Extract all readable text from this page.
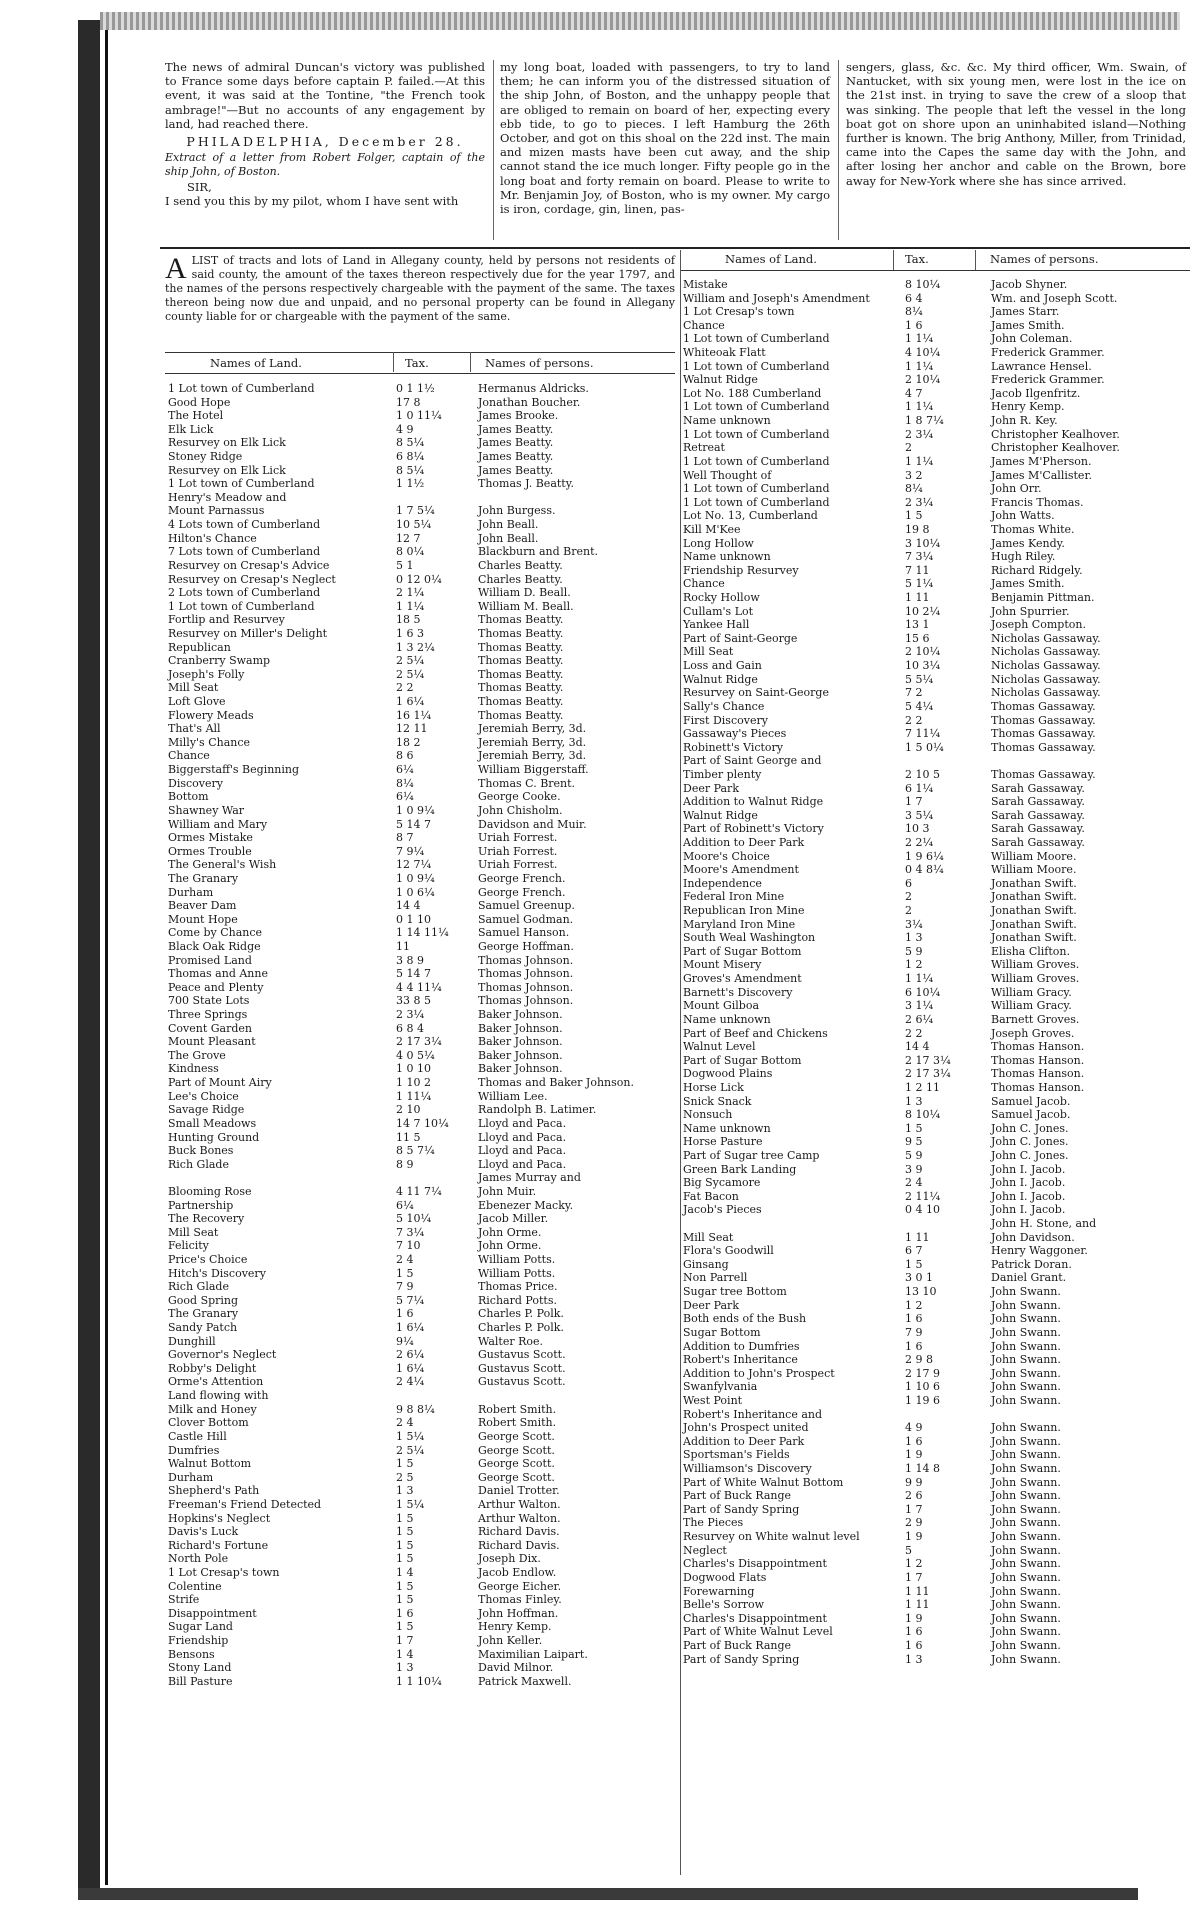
The news of admiral Duncan's victory was published to France some days before captain P. failed.—At this event, it was said at the Tontine, "the French took ambrage!"—But no accounts of any engagement by land, had reached there.

PHILADELPHIA, December 28.

Extract of a letter from Robert Folger, captain of the ship John, of Boston.

SIR,

I send you this by my pilot, whom I have sent with

my long boat, loaded with passengers, to try to land them; he can inform you of the distressed situation of the ship John, of Boston, and the unhappy people that are obliged to remain on board of her, expecting every ebb tide, to go to pieces. I left Hamburg the 26th October, and got on this shoal on the 22d inst. The main and mizen masts have been cut away, and the ship cannot stand the ice much longer. Fifty people go in the long boat and forty remain on board. Please to write to Mr. Benjamin Joy, of Boston, who is my owner. My cargo is iron, cordage, gin, linen, pas-

sengers, glass, &c. &c. My third officer, Wm. Swain, of Nantucket, with six young men, were lost in the ice on the 21st inst. in trying to save the crew of a sloop that was sinking. The people that left the vessel in the long boat got on shore upon an uninhabited island—Nothing further is known. The brig Anthony, Miller, from Trinidad, came into the Capes the same day with the John, and after losing her anchor and cable on the Brown, bore away for New-York where she has since arrived.

ALIST of tracts and lots of Land in Allegany county, held by persons not residents of said county, the amount of the taxes thereon respectively due for the year 1797, and the names of the persons respectively chargeable with the payment of the same. The taxes thereon being now due and unpaid, and no personal property can be found in Allegany county liable for or chargeable with the payment of the same.
Names of Land.	Tax.	Names of persons.
Names of Land.	Tax.	Names of persons.
1 Lot town of Cumberland	0 1 1½	Hermanus Aldricks.
Good Hope	17 8	Jonathan Boucher.
The Hotel	1 0 11¼	James Brooke.
Elk Lick	4 9	James Beatty.
Resurvey on Elk Lick	8 5¼	James Beatty.
Stoney Ridge	6 8¼	James Beatty.
Resurvey on Elk Lick	8 5¼	James Beatty.
1 Lot town of Cumberland	1 1½	Thomas J. Beatty.
Henry's Meadow and
Mount Parnassus	1 7 5¼	John Burgess.
4 Lots town of Cumberland	10 5¼	John Beall.
Hilton's Chance	12 7	John Beall.
7 Lots town of Cumberland	8 0¼	Blackburn and Brent.
Resurvey on Cresap's Advice	5 1	Charles Beatty.
Resurvey on Cresap's Neglect	0 12 0¼	Charles Beatty.
2 Lots town of Cumberland	2 1¼	William D. Beall.
1 Lot town of Cumberland	1 1¼	William M. Beall.
Fortlip and Resurvey	18 5	Thomas Beatty.
Resurvey on Miller's Delight	1 6 3	Thomas Beatty.
Republican	1 3 2¼	Thomas Beatty.
Cranberry Swamp	2 5¼	Thomas Beatty.
Joseph's Folly	2 5¼	Thomas Beatty.
Mill Seat	2 2	Thomas Beatty.
Loft Glove	1 6¼	Thomas Beatty.
Flowery Meads	16 1¼	Thomas Beatty.
That's All	12 11	Jeremiah Berry, 3d.
Milly's Chance	18 2	Jeremiah Berry, 3d.
Chance	8 6	Jeremiah Berry, 3d.
Biggerstaff's Beginning	6¼	William Biggerstaff.
Discovery	8¼	Thomas C. Brent.
Bottom	6¼	George Cooke.
Shawney War	1 0 9¼	John Chisholm.
William and Mary	5 14 7	Davidson and Muir.
Ormes Mistake	8 7	Uriah Forrest.
Ormes Trouble	7 9¼	Uriah Forrest.
The General's Wish	12 7¼	Uriah Forrest.
The Granary	1 0 9¼	George French.
Durham	1 0 6¼	George French.
Beaver Dam	14 4	Samuel Greenup.
Mount Hope	0 1 10	Samuel Godman.
Come by Chance	1 14 11¼	Samuel Hanson.
Black Oak Ridge	11	George Hoffman.
Promised Land	3 8 9	Thomas Johnson.
Thomas and Anne	5 14 7	Thomas Johnson.
Peace and Plenty	4 4 11¼	Thomas Johnson.
700 State Lots	33 8 5	Thomas Johnson.
Three Springs	2 3¼	Baker Johnson.
Covent Garden	6 8 4	Baker Johnson.
Mount Pleasant	2 17 3¼	Baker Johnson.
The Grove	4 0 5¼	Baker Johnson.
Kindness	1 0 10	Baker Johnson.
Part of Mount Airy	1 10 2	Thomas and Baker Johnson.
Lee's Choice	1 11¼	William Lee.
Savage Ridge	2 10	Randolph B. Latimer.
Small Meadows	14 7 10¼	Lloyd and Paca.
Hunting Ground	11 5	Lloyd and Paca.
Buck Bones	8 5 7¼	Lloyd and Paca.
Rich Glade	8 9	Lloyd and Paca.
James Murray and
Blooming Rose	4 11 7¼	John Muir.
Partnership	6¼	Ebenezer Macky.
The Recovery	5 10¼	Jacob Miller.
Mill Seat	7 3¼	John Orme.
Felicity	7 10	John Orme.
Price's Choice	2 4	William Potts.
Hitch's Discovery	1 5	William Potts.
Rich Glade	7 9	Thomas Price.
Good Spring	5 7¼	Richard Potts.
The Granary	1 6	Charles P. Polk.
Sandy Patch	1 6¼	Charles P. Polk.
Dunghill	9¼	Walter Roe.
Governor's Neglect	2 6¼	Gustavus Scott.
Robby's Delight	1 6¼	Gustavus Scott.
Orme's Attention	2 4¼	Gustavus Scott.
Land flowing with
Milk and Honey	9 8 8¼	Robert Smith.
Clover Bottom	2 4	Robert Smith.
Castle Hill	1 5¼	George Scott.
Dumfries	2 5¼	George Scott.
Walnut Bottom	1 5	George Scott.
Durham	2 5	George Scott.
Shepherd's Path	1 3	Daniel Trotter.
Freeman's Friend Detected	1 5¼	Arthur Walton.
Hopkins's Neglect	1 5	Arthur Walton.
Davis's Luck	1 5	Richard Davis.
Richard's Fortune	1 5	Richard Davis.
North Pole	1 5	Joseph Dix.
1 Lot Cresap's town	1 4	Jacob Endlow.
Colentine	1 5	George Eicher.
Strife	1 5	Thomas Finley.
Disappointment	1 6	John Hoffman.
Sugar Land	1 5	Henry Kemp.
Friendship	1 7	John Keller.
Bensons	1 4	Maximilian Laipart.
Stony Land	1 3	David Milnor.
Bill Pasture	1 1 10¼	Patrick Maxwell.
Mistake	8 10¼	Jacob Shyner.
William and Joseph's Amendment	6 4	Wm. and Joseph Scott.
1 Lot Cresap's town	8¼	James Starr.
Chance	1 6	James Smith.
1 Lot town of Cumberland	1 1¼	John Coleman.
Whiteoak Flatt	4 10¼	Frederick Grammer.
1 Lot town of Cumberland	1 1¼	Lawrance Hensel.
Walnut Ridge	2 10¼	Frederick Grammer.
Lot No. 188 Cumberland	4 7	Jacob Ilgenfritz.
1 Lot town of Cumberland	1 1¼	Henry Kemp.
Name unknown	1 8 7¼	John R. Key.
1 Lot town of Cumberland	2 3¼	Christopher Kealhover.
Retreat	2	Christopher Kealhover.
1 Lot town of Cumberland	1 1¼	James M'Pherson.
Well Thought of	3 2	James M'Callister.
1 Lot town of Cumberland	8¼	John Orr.
1 Lot town of Cumberland	2 3¼	Francis Thomas.
Lot No. 13, Cumberland	1 5	John Watts.
Kill M'Kee	19 8	Thomas White.
Long Hollow	3 10¼	James Kendy.
Name unknown	7 3¼	Hugh Riley.
Friendship Resurvey	7 11	Richard Ridgely.
Chance	5 1¼	James Smith.
Rocky Hollow	1 11	Benjamin Pittman.
Cullam's Lot	10 2¼	John Spurrier.
Yankee Hall	13 1	Joseph Compton.
Part of Saint-George	15 6	Nicholas Gassaway.
Mill Seat	2 10¼	Nicholas Gassaway.
Loss and Gain	10 3¼	Nicholas Gassaway.
Walnut Ridge	5 5¼	Nicholas Gassaway.
Resurvey on Saint-George	7 2	Nicholas Gassaway.
Sally's Chance	5 4¼	Thomas Gassaway.
First Discovery	2 2	Thomas Gassaway.
Gassaway's Pieces	7 11¼	Thomas Gassaway.
Robinett's Victory	1 5 0¼	Thomas Gassaway.
Part of Saint George and
Timber plenty	2 10 5	Thomas Gassaway.
Deer Park	6 1¼	Sarah Gassaway.
Addition to Walnut Ridge	1 7	Sarah Gassaway.
Walnut Ridge	3 5¼	Sarah Gassaway.
Part of Robinett's Victory	10 3	Sarah Gassaway.
Addition to Deer Park	2 2¼	Sarah Gassaway.
Moore's Choice	1 9 6¼	William Moore.
Moore's Amendment	0 4 8¼	William Moore.
Independence	6	Jonathan Swift.
Federal Iron Mine	2	Jonathan Swift.
Republican Iron Mine	2	Jonathan Swift.
Maryland Iron Mine	3¼	Jonathan Swift.
South Weal Washington	1 3	Jonathan Swift.
Part of Sugar Bottom	5 9	Elisha Clifton.
Mount Misery	1 2	William Groves.
Groves's Amendment	1 1¼	William Groves.
Barnett's Discovery	6 10¼	William Gracy.
Mount Gilboa	3 1¼	William Gracy.
Name unknown	2 6¼	Barnett Groves.
Part of Beef and Chickens	2 2	Joseph Groves.
Walnut Level	14 4	Thomas Hanson.
Part of Sugar Bottom	2 17 3¼	Thomas Hanson.
Dogwood Plains	2 17 3¼	Thomas Hanson.
Horse Lick	1 2 11	Thomas Hanson.
Snick Snack	1 3	Samuel Jacob.
Nonsuch	8 10¼	Samuel Jacob.
Name unknown	1 5	John C. Jones.
Horse Pasture	9 5	John C. Jones.
Part of Sugar tree Camp	5 9	John C. Jones.
Green Bark Landing	3 9	John I. Jacob.
Big Sycamore	2 4	John I. Jacob.
Fat Bacon	2 11¼	John I. Jacob.
Jacob's Pieces	0 4 10	John I. Jacob.
John H. Stone, and
Mill Seat	1 11	John Davidson.
Flora's Goodwill	6 7	Henry Waggoner.
Ginsang	1 5	Patrick Doran.
Non Parrell	3 0 1	Daniel Grant.
Sugar tree Bottom	13 10	John Swann.
Deer Park	1 2	John Swann.
Both ends of the Bush	1 6	John Swann.
Sugar Bottom	7 9	John Swann.
Addition to Dumfries	1 6	John Swann.
Robert's Inheritance	2 9 8	John Swann.
Addition to John's Prospect	2 17 9	John Swann.
Swanfylvania	1 10 6	John Swann.
West Point	1 19 6	John Swann.
Robert's Inheritance and
John's Prospect united	4 9	John Swann.
Addition to Deer Park	1 6	John Swann.
Sportsman's Fields	1 9	John Swann.
Williamson's Discovery	1 14 8	John Swann.
Part of White Walnut Bottom	9 9	John Swann.
Part of Buck Range	2 6	John Swann.
Part of Sandy Spring	1 7	John Swann.
The Pieces	2 9	John Swann.
Resurvey on White walnut level	1 9	John Swann.
Neglect	5	John Swann.
Charles's Disappointment	1 2	John Swann.
Dogwood Flats	1 7	John Swann.
Forewarning	1 11	John Swann.
Belle's Sorrow	1 11	John Swann.
Charles's Disappointment	1 9	John Swann.
Part of White Walnut Level	1 6	John Swann.
Part of Buck Range	1 6	John Swann.
Part of Sandy Spring	1 3	John Swann.
